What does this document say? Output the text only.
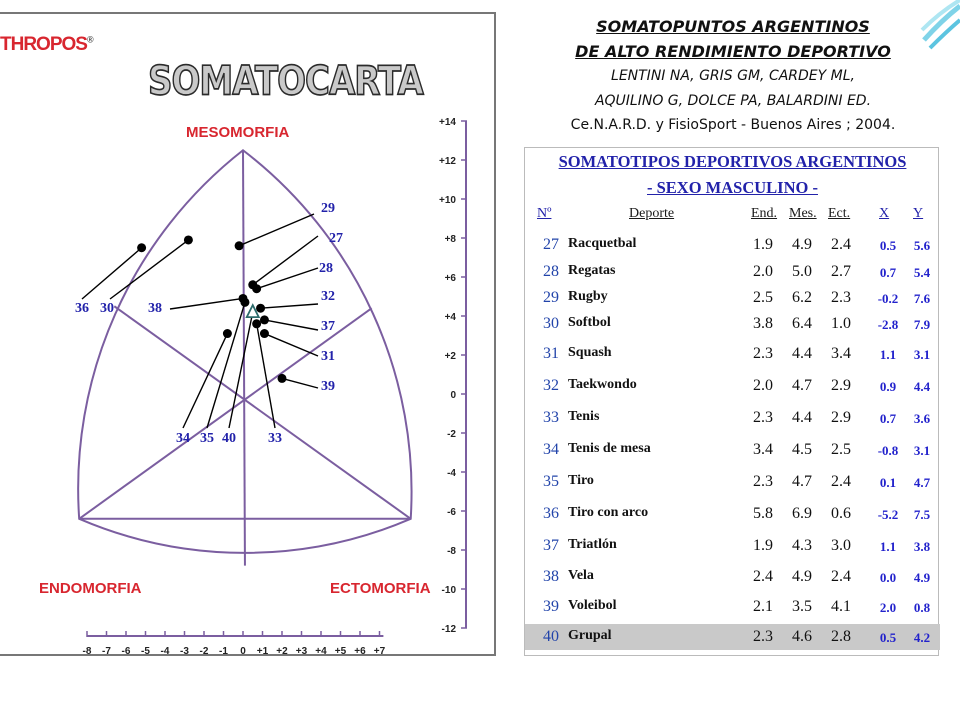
+14
+12
+10
+8
+6
+4
+2
0
-2
-4
-6
-8
-10
-12
-8 -7 -6 -5 -4 -3 -2 -1 0 +1 +2 +3 +4 +5 +6 +7
27
28
29
30
31
32
33
34 35
36
37
38
39
40
THROPOS®
SOMATOCARTA
MESOMORFIA
ENDOMORFIA	ECTOMORFIA
SOMATOPUNTOS ARGENTINOS
DE ALTO RENDIMIENTO DEPORTIVO
LENTINI NA, GRIS GM, CARDEY ML,
AQUILINO G, DOLCE PA, BALARDINI ED.
Ce.N.A.R.D. y FisioSport - Buenos Aires ; 2004.
SOMATOTIPOS DEPORTIVOS ARGENTINOS
- SEXO MASCULINO -
Nº	Deporte	End. Mes. Ect. X Y
27 Racquetbal	1.9	4.9	2.4	0.5	5.6
28 Regatas	2.0	5.0	2.7	0.7	5.4
29 Rugby	2.5	6.2	2.3	-0.2	7.6
30 Softbol	3.8	6.4	1.0	-2.8	7.9
31 Squash	2.3	4.4	3.4	1.1	3.1
32 Taekwondo	2.0	4.7	2.9	0.9	4.4
33 Tenis	2.3	4.4	2.9	0.7	3.6
34 Tenis de mesa	3.4	4.5	2.5	-0.8	3.1
35 Tiro	2.3	4.7	2.4	0.1	4.7
36 Tiro con arco	5.8	6.9	0.6	-5.2	7.5
37 Triatlón	1.9	4.3	3.0	1.1	3.8
38 Vela	2.4	4.9	2.4	0.0	4.9
39 Voleibol	2.1	3.5	4.1	2.0	0.8
40 Grupal	2.3	4.6	2.8	0.5	4.2
